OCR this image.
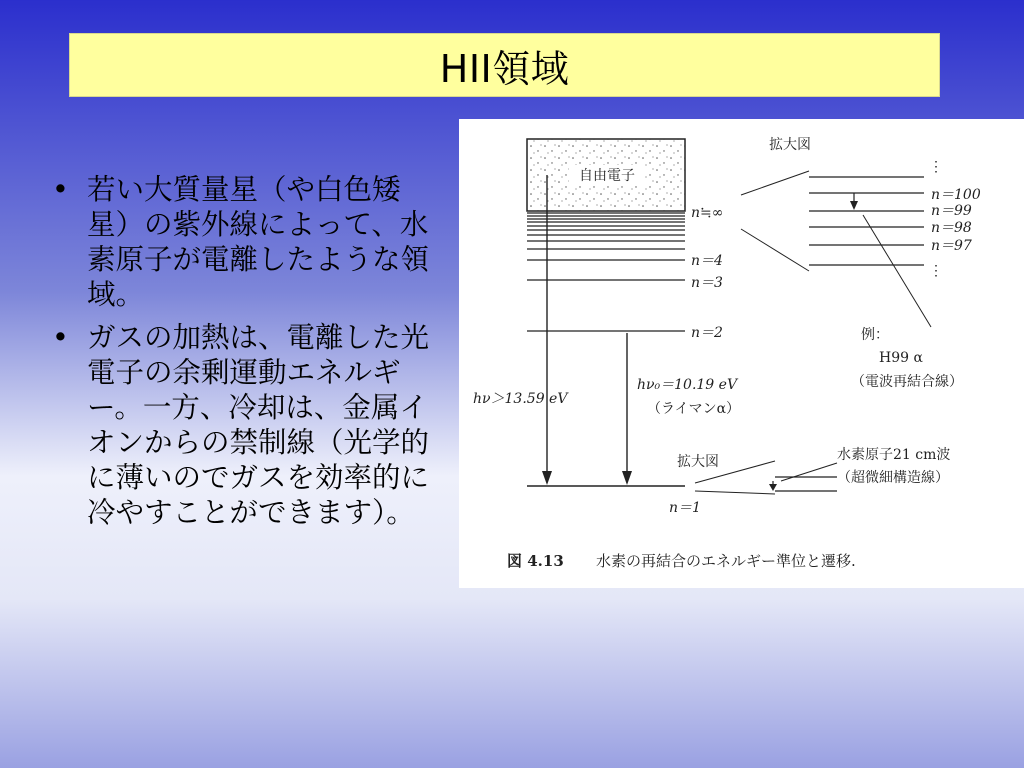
HII領域
• 若い大質量星（や白色矮星）の紫外線によって、水素原子が電離したような領域。
• ガスの加熱は、電離した光電子の余剰運動エネルギー。一方、冷却は、金属イオンからの禁制線（光学的に薄いのでガスを効率的に冷やすことができます）。
自由電子
n≒∞
n＝4
n＝3
n＝2
n＝1
hν＞13.59 eV
hν₀＝10.19 eV
（ライマンα）
拡大図
⋮
n＝100
n＝99
n＝98
n＝97
⋮
例：
H99 α
（電波再結合線）
拡大図	水素原子21 cm波
（超微細構造線）
図 4.13 水素の再結合のエネルギー準位と遷移.
